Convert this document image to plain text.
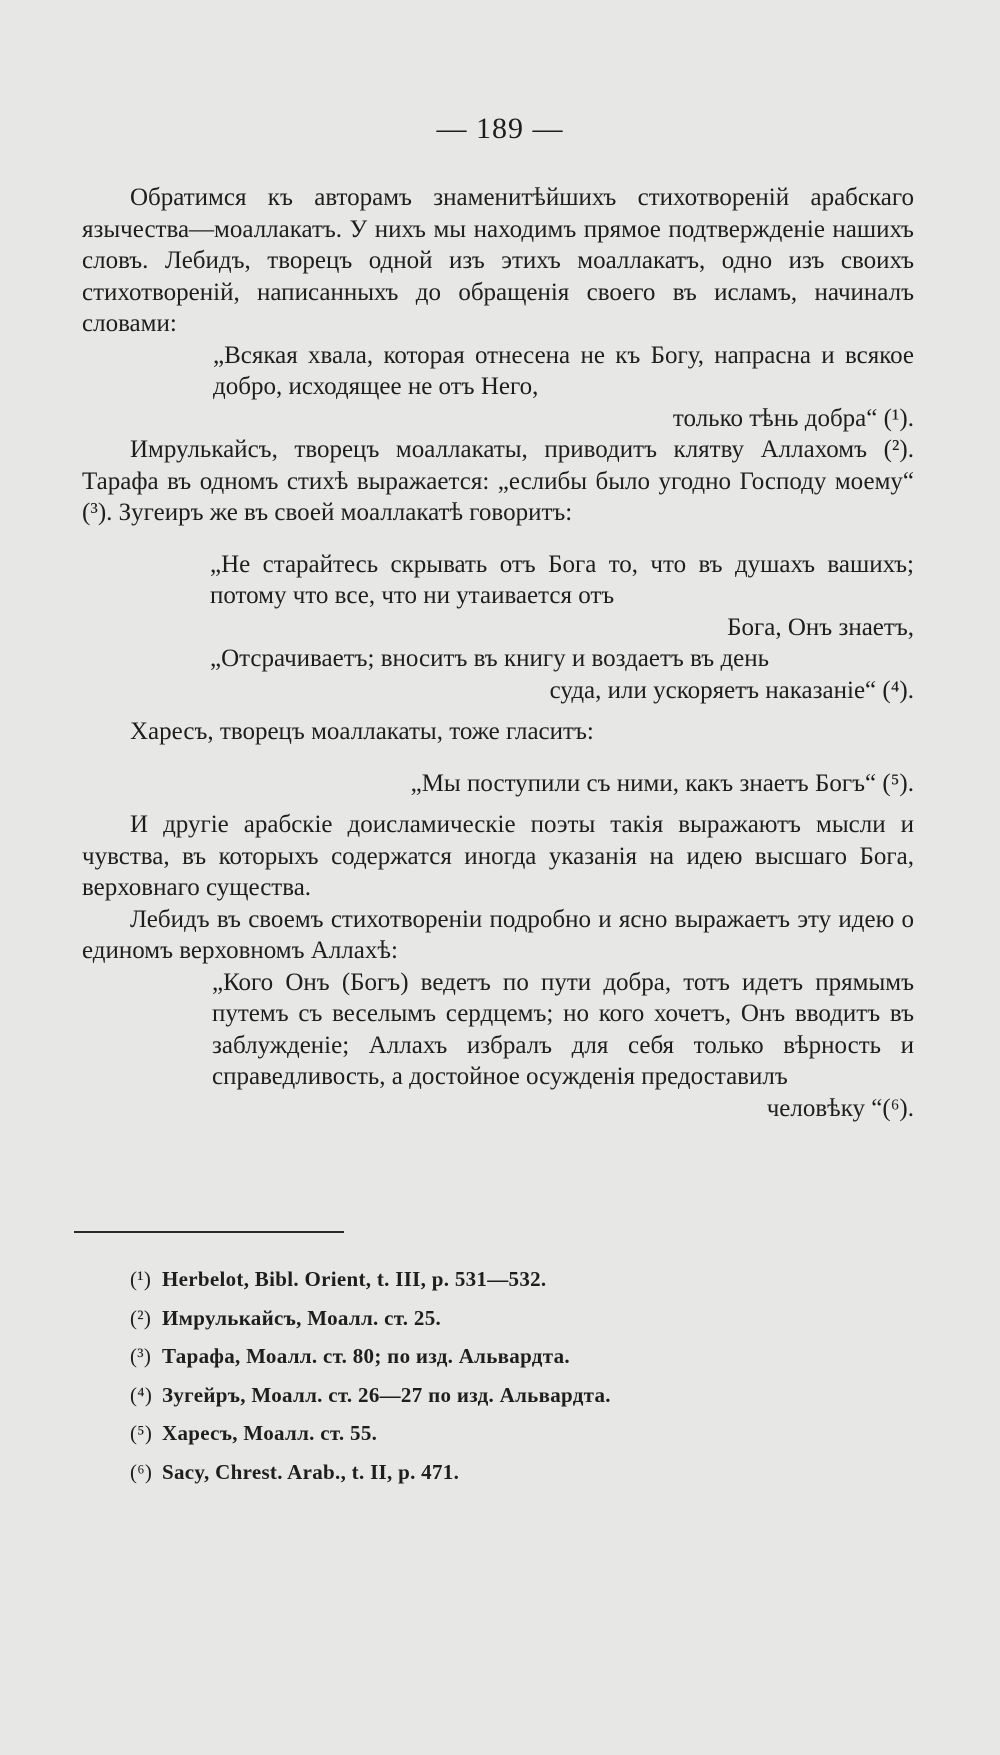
— 189 —

Обратимся къ авторамъ знаменитѣйшихъ стихотвореній арабскаго язычества—моаллакатъ. У нихъ мы находимъ прямое подтвержденіе нашихъ словъ. Лебидъ, творецъ одной изъ этихъ моаллакатъ, одно изъ своихъ стихотвореній, написанныхъ до обращенія своего въ исламъ, начиналъ словами:

„Всякая хвала, которая отнесена не къ Богу, напрасна и всякое добро, исходящее не отъ Него,
только тѣнь добра“ (¹).

Имрулькайсъ, творецъ моаллакаты, приводитъ клятву Аллахомъ (²). Тарафа въ одномъ стихѣ выражается: „еслибы было угодно Господу моему“ (³). Зугеиръ же въ своей моаллакатѣ говоритъ:

„Не старайтесь скрывать отъ Бога то, что въ душахъ вашихъ; потому что все, что ни утаивается отъ
Бога, Онъ знаетъ,
„Отсрачиваетъ; вноситъ въ книгу и воздаетъ въ день
суда, или ускоряетъ наказаніе“ (⁴).

Харесъ, творецъ моаллакаты, тоже гласитъ:

„Мы поступили съ ними, какъ знаетъ Богъ“ (⁵).

И другіе арабскіе доисламическіе поэты такія выражаютъ мысли и чувства, въ которыхъ содержатся иногда указанія на идею высшаго Бога, верховнаго существа.

Лебидъ въ своемъ стихотвореніи подробно и ясно выражаетъ эту идею о единомъ верховномъ Аллахѣ:

„Кого Онъ (Богъ) ведетъ по пути добра, тотъ идетъ прямымъ путемъ съ веселымъ сердцемъ; но кого хочетъ, Онъ вводитъ въ заблужденіе; Аллахъ избралъ для себя только вѣрность и справедливость, а достойное осужденія предоставилъ
человѣку “(⁶).

(¹) Herbelot, Bibl. Orient, t. III, p. 531—532.
(²) Имрулькайсъ, Моалл. ст. 25.
(³) Тарафа, Моалл. ст. 80; по изд. Альвардта.
(⁴) Зугейръ, Моалл. ст. 26—27 по изд. Альвардта.
(⁵) Харесъ, Моалл. ст. 55.
(⁶) Sacy, Chrest. Arab., t. II, p. 471.
